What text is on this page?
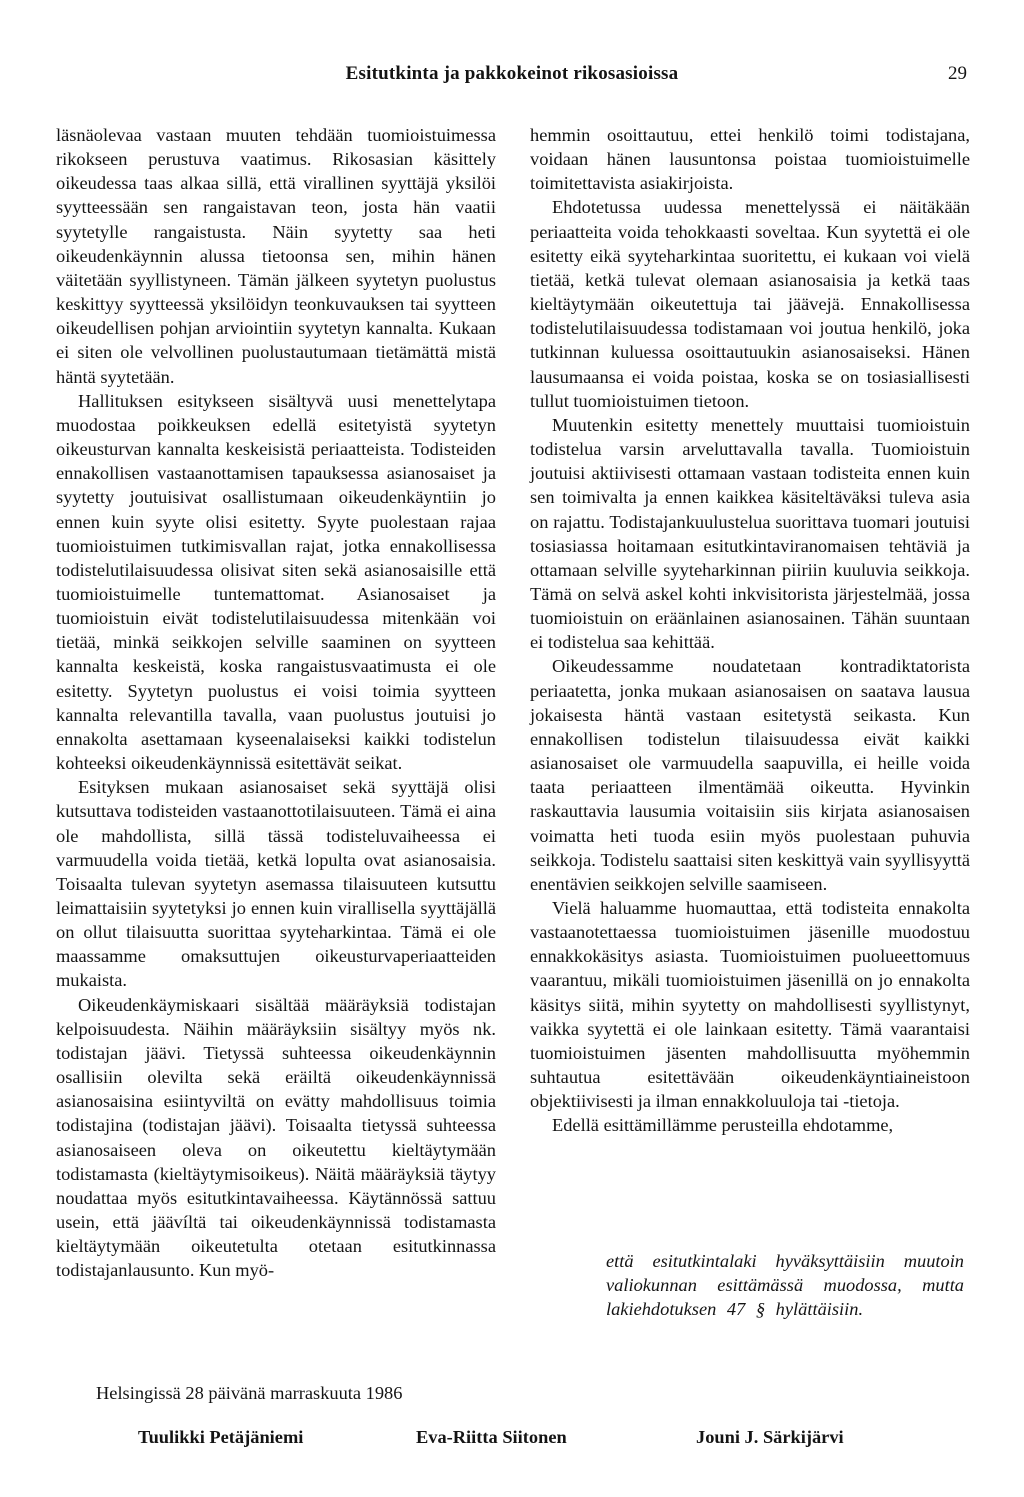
Esitutkinta ja pakkokeinot rikosasioissa	29

läsnäolevaa vastaan muuten tehdään tuomioistuimessa rikokseen perustuva vaatimus. Rikosasian käsittely oikeudessa taas alkaa sillä, että virallinen syyttäjä yksilöi syytteessään sen rangaistavan teon, josta hän vaatii syytetylle rangaistusta. Näin syytetty saa heti oikeudenkäynnin alussa tietoonsa sen, mihin hänen väitetään syyllistyneen. Tämän jälkeen syytetyn puolustus keskittyy syytteessä yksilöidyn teonkuvauksen tai syytteen oikeudellisen pohjan arviointiin syytetyn kannalta. Kukaan ei siten ole velvollinen puolustautumaan tietämättä mistä häntä syytetään.

Hallituksen esitykseen sisältyvä uusi menettelytapa muodostaa poikkeuksen edellä esitetyistä syytetyn oikeusturvan kannalta keskeisistä periaatteista. Todisteiden ennakollisen vastaanottamisen tapauksessa asianosaiset ja syytetty joutuisivat osallistumaan oikeudenkäyntiin jo ennen kuin syyte olisi esitetty. Syyte puolestaan rajaa tuomioistuimen tutkimisvallan rajat, jotka ennakollisessa todistelutilaisuudessa olisivat siten sekä asianosaisille että tuomioistuimelle tuntemattomat. Asianosaiset ja tuomioistuin eivät todistelutilaisuudessa mitenkään voi tietää, minkä seikkojen selville saaminen on syytteen kannalta keskeistä, koska rangaistusvaatimusta ei ole esitetty. Syytetyn puolustus ei voisi toimia syytteen kannalta relevantilla tavalla, vaan puolustus joutuisi jo ennakolta asettamaan kyseenalaiseksi kaikki todistelun kohteeksi oikeudenkäynnissä esitettävät seikat.

Esityksen mukaan asianosaiset sekä syyttäjä olisi kutsuttava todisteiden vastaanottotilaisuuteen. Tämä ei aina ole mahdollista, sillä tässä todisteluvaiheessa ei varmuudella voida tietää, ketkä lopulta ovat asianosaisia. Toisaalta tulevan syytetyn asemassa tilaisuuteen kutsuttu leimattaisiin syytetyksi jo ennen kuin virallisella syyttäjällä on ollut tilaisuutta suorittaa syyteharkintaa. Tämä ei ole maassamme omaksuttujen oikeusturvaperiaatteiden mukaista.

Oikeudenkäymiskaari sisältää määräyksiä todistajan kelpoisuudesta. Näihin määräyksiin sisältyy myös nk. todistajan jäävi. Tietyssä suhteessa oikeudenkäynnin osallisiin olevilta sekä eräiltä oikeudenkäynnissä asianosaisina esiintyviltä on evätty mahdollisuus toimia todistajina (todistajan jäävi). Toisaalta tietyssä suhteessa asianosaiseen oleva on oikeutettu kieltäytymään todistamasta (kieltäytymisoikeus). Näitä määräyksiä täytyy noudattaa myös esitutkintavaiheessa. Käytännössä sattuu usein, että jäävíltä tai oikeudenkäynnissä todistamasta kieltäytymään oikeutetulta otetaan esitutkinnassa todistajanlausunto. Kun myö-

hemmin osoittautuu, ettei henkilö toimi todistajana, voidaan hänen lausuntonsa poistaa tuomioistuimelle toimitettavista asiakirjoista.

Ehdotetussa uudessa menettelyssä ei näitäkään periaatteita voida tehokkaasti soveltaa. Kun syytettä ei ole esitetty eikä syyteharkintaa suoritettu, ei kukaan voi vielä tietää, ketkä tulevat olemaan asianosaisia ja ketkä taas kieltäytymään oikeutettuja tai jäävejä. Ennakollisessa todistelutilaisuudessa todistamaan voi joutua henkilö, joka tutkinnan kuluessa osoittautuukin asianosaiseksi. Hänen lausumaansa ei voida poistaa, koska se on tosiasiallisesti tullut tuomioistuimen tietoon.

Muutenkin esitetty menettely muuttaisi tuomioistuin todistelua varsin arveluttavalla tavalla. Tuomioistuin joutuisi aktiivisesti ottamaan vastaan todisteita ennen kuin sen toimivalta ja ennen kaikkea käsiteltäväksi tuleva asia on rajattu. Todistajankuulustelua suorittava tuomari joutuisi tosiasiassa hoitamaan esitutkintaviranomaisen tehtäviä ja ottamaan selville syyteharkinnan piiriin kuuluvia seikkoja. Tämä on selvä askel kohti inkvisitorista järjestelmää, jossa tuomioistuin on eräänlainen asianosainen. Tähän suuntaan ei todistelua saa kehittää.

Oikeudessamme noudatetaan kontradiktatorista periaatetta, jonka mukaan asianosaisen on saatava lausua jokaisesta häntä vastaan esitetystä seikasta. Kun ennakollisen todistelun tilaisuudessa eivät kaikki asianosaiset ole varmuudella saapuvilla, ei heille voida taata periaatteen ilmentämää oikeutta. Hyvinkin raskauttavia lausumia voitaisiin siis kirjata asianosaisen voimatta heti tuoda esiin myös puolestaan puhuvia seikkoja. Todistelu saattaisi siten keskittyä vain syyllisyyttä enentävien seikkojen selville saamiseen.

Vielä haluamme huomauttaa, että todisteita ennakolta vastaanotettaessa tuomioistuimen jäsenille muodostuu ennakkokäsitys asiasta. Tuomioistuimen puolueettomuus vaarantuu, mikäli tuomioistuimen jäsenillä on jo ennakolta käsitys siitä, mihin syytetty on mahdollisesti syyllistynyt, vaikka syytettä ei ole lainkaan esitetty. Tämä vaarantaisi tuomioistuimen jäsenten mahdollisuutta myöhemmin suhtautua esitettävään oikeudenkäyntiaineistoon objektiivisesti ja ilman ennakkoluuloja tai -tietoja.

Edellä esittämillämme perusteilla ehdotamme,

että esitutkintalaki hyväksyttäisiin muutoin valiokunnan esittämässä muodossa, mutta lakiehdotuksen 47 § hylättäisiin.
Helsingissä 28 päivänä marraskuuta 1986
Tuulikki Petäjäniemi	Eva-Riitta Siitonen	Jouni J. Särkijärvi
